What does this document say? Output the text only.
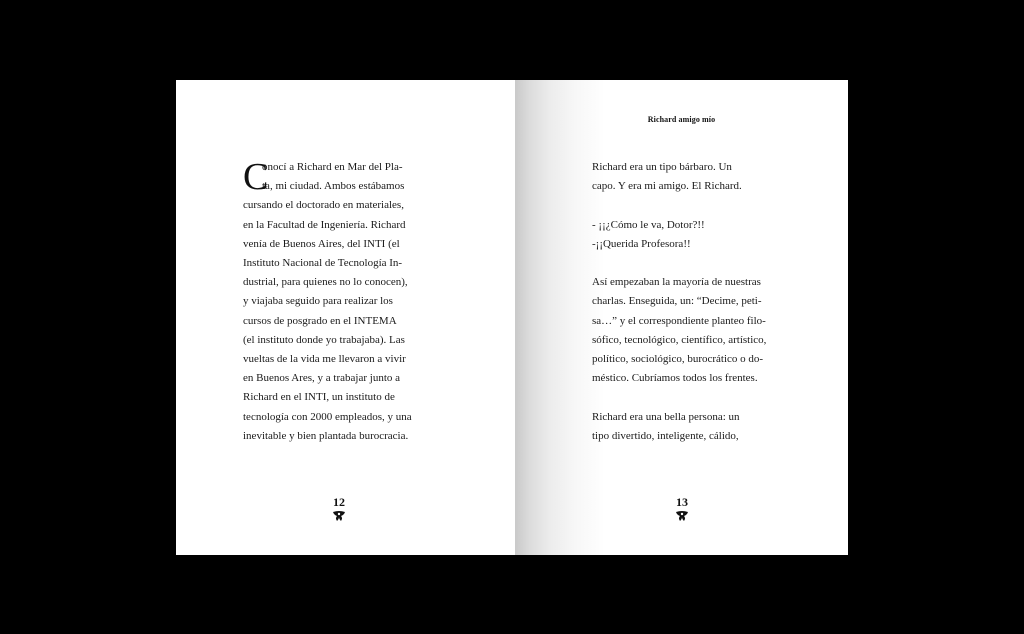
C
onocí a Richard en Mar del Pla-
ta, mi ciudad. Ambos estábamos
cursando el doctorado en materiales,
en la Facultad de Ingeniería. Richard
venía de Buenos Aires, del INTI (el
Instituto Nacional de Tecnología In-
dustrial, para quienes no lo conocen),
y viajaba seguido para realizar los
cursos de posgrado en el INTEMA
(el instituto donde yo trabajaba). Las
vueltas de la vida me llevaron a vivir
en Buenos Ares, y a trabajar junto a
Richard en el INTI, un instituto de
tecnología con 2000 empleados, y una
inevitable y bien plantada burocracia.
12
Richard amigo mío
Richard era un tipo bárbaro. Un
capo. Y era mi amigo. El Richard.
- ¡¡¿Cómo le va, Dotor?!!
-¡¡Querida Profesora!!
Así empezaban la mayoría de nuestras
charlas. Enseguida, un: “Decime, peti-
sa…” y el correspondiente planteo filo-
sófico, tecnológico, científico, artístico,
político, sociológico, burocrático o do-
méstico. Cubríamos todos los frentes.
Richard era una bella persona: un
tipo divertido, inteligente, cálido,
13
